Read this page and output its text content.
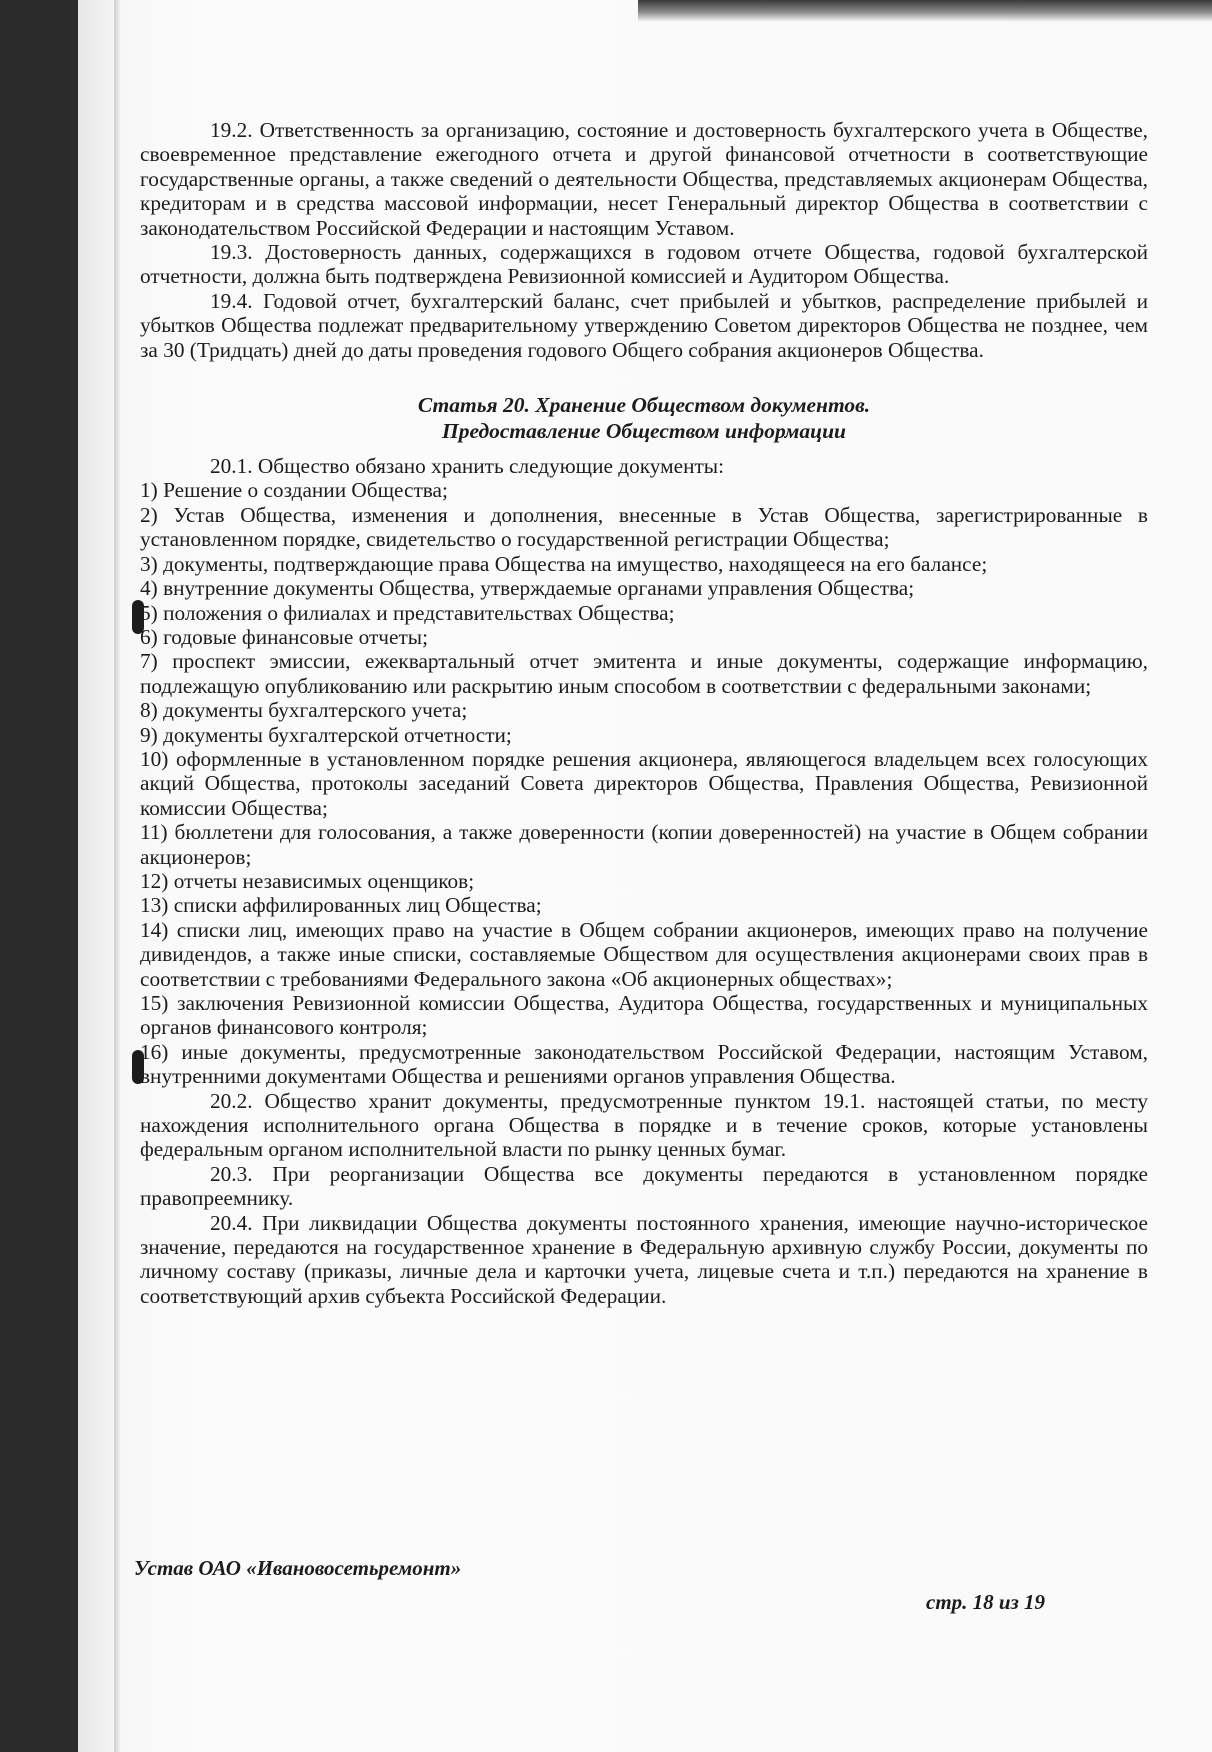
19.2. Ответственность за организацию, состояние и достоверность бухгалтерского учета в Обществе, своевременное представление ежегодного отчета и другой финансовой отчетности в соответствующие государственные органы, а также сведений о деятельности Общества, представляемых акционерам Общества, кредиторам и в средства массовой информации, несет Генеральный директор Общества в соответствии с законодательством Российской Федерации и настоящим Уставом.

19.3. Достоверность данных, содержащихся в годовом отчете Общества, годовой бухгалтерской отчетности, должна быть подтверждена Ревизионной комиссией и Аудитором Общества.

19.4. Годовой отчет, бухгалтерский баланс, счет прибылей и убытков, распределение прибылей и убытков Общества подлежат предварительному утверждению Советом директоров Общества не позднее, чем за 30 (Тридцать) дней до даты проведения годового Общего собрания акционеров Общества.

Статья 20. Хранение Обществом документов.
Предоставление Обществом информации

20.1. Общество обязано хранить следующие документы:

1) Решение о создании Общества;
2) Устав Общества, изменения и дополнения, внесенные в Устав Общества, зарегистрированные в установленном порядке, свидетельство о государственной регистрации Общества;
3) документы, подтверждающие права Общества на имущество, находящееся на его балансе;
4) внутренние документы Общества, утверждаемые органами управления Общества;
5) положения о филиалах и представительствах Общества;
6) годовые финансовые отчеты;
7) проспект эмиссии, ежеквартальный отчет эмитента и иные документы, содержащие информацию, подлежащую опубликованию или раскрытию иным способом в соответствии с федеральными законами;
8) документы бухгалтерского учета;
9) документы бухгалтерской отчетности;
10) оформленные в установленном порядке решения акционера, являющегося владельцем всех голосующих акций Общества, протоколы заседаний Совета директоров Общества, Правления Общества, Ревизионной комиссии Общества;
11) бюллетени для голосования, а также доверенности (копии доверенностей) на участие в Общем собрании акционеров;
12) отчеты независимых оценщиков;
13) списки аффилированных лиц Общества;
14) списки лиц, имеющих право на участие в Общем собрании акционеров, имеющих право на получение дивидендов, а также иные списки, составляемые Обществом для осуществления акционерами своих прав в соответствии с требованиями Федерального закона «Об акционерных обществах»;
15) заключения Ревизионной комиссии Общества, Аудитора Общества, государственных и муниципальных органов финансового контроля;
16) иные документы, предусмотренные законодательством Российской Федерации, настоящим Уставом, внутренними документами Общества и решениями органов управления Общества.

20.2. Общество хранит документы, предусмотренные пунктом 19.1. настоящей статьи, по месту нахождения исполнительного органа Общества в порядке и в течение сроков, которые установлены федеральным органом исполнительной власти по рынку ценных бумаг.

20.3. При реорганизации Общества все документы передаются в установленном порядке правопреемнику.

20.4. При ликвидации Общества документы постоянного хранения, имеющие научно-историческое значение, передаются на государственное хранение в Федеральную архивную службу России, документы по личному составу (приказы, личные дела и карточки учета, лицевые счета и т.п.) передаются на хранение в соответствующий архив субъекта Российской Федерации.

Устав ОАО «Ивановосетьремонт»
стр. 18 из 19
